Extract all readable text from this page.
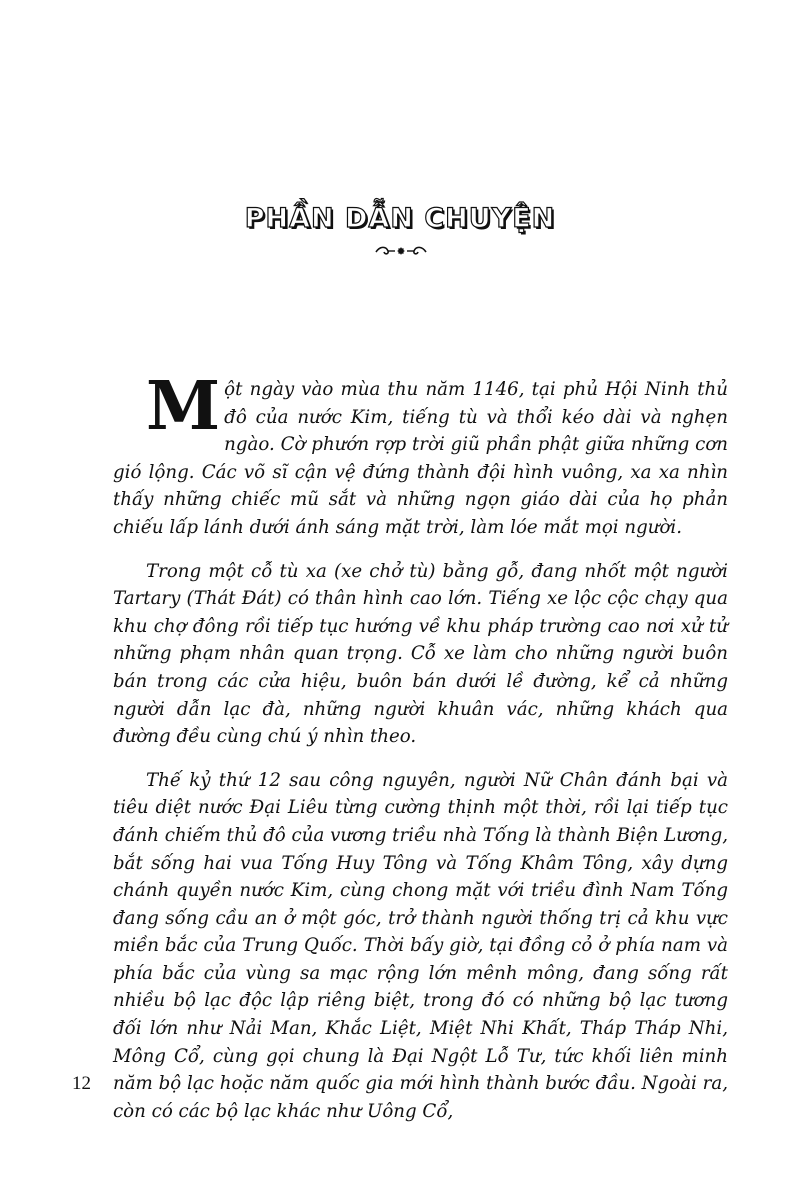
PHẦN DẪN CHUYỆN

Một ngày vào mùa thu năm 1146, tại phủ Hội Ninh thủ đô của nước Kim, tiếng tù và thổi kéo dài và nghẹn ngào. Cờ phướn rợp trời giũ phần phật giữa những cơn gió lộng. Các võ sĩ cận vệ đứng thành đội hình vuông, xa xa nhìn thấy những chiếc mũ sắt và những ngọn giáo dài của họ phản chiếu lấp lánh dưới ánh sáng mặt trời, làm lóe mắt mọi người.

Trong một cỗ tù xa (xe chở tù) bằng gỗ, đang nhốt một người Tartary (Thát Đát) có thân hình cao lớn. Tiếng xe lộc cộc chạy qua khu chợ đông rồi tiếp tục hướng về khu pháp trường cao nơi xử tử những phạm nhân quan trọng. Cỗ xe làm cho những người buôn bán trong các cửa hiệu, buôn bán dưới lề đường, kể cả những người dẫn lạc đà, những người khuân vác, những khách qua đường đều cùng chú ý nhìn theo.

Thế kỷ thứ 12 sau công nguyên, người Nữ Chân đánh bại và tiêu diệt nước Đại Liêu từng cường thịnh một thời, rồi lại tiếp tục đánh chiếm thủ đô của vương triều nhà Tống là thành Biện Lương, bắt sống hai vua Tống Huy Tông và Tống Khâm Tông, xây dựng chánh quyền nước Kim, cùng chong mặt với triều đình Nam Tống đang sống cầu an ở một góc, trở thành người thống trị cả khu vực miền bắc của Trung Quốc. Thời bấy giờ, tại đồng cỏ ở phía nam và phía bắc của vùng sa mạc rộng lớn mênh mông, đang sống rất nhiều bộ lạc độc lập riêng biệt, trong đó có những bộ lạc tương đối lớn như Nải Man, Khắc Liệt, Miệt Nhi Khất, Tháp Tháp Nhi, Mông Cổ, cùng gọi chung là Đại Ngột Lỗ Tư, tức khối liên minh năm bộ lạc hoặc năm quốc gia mới hình thành bước đầu. Ngoài ra, còn có các bộ lạc khác như Uông Cổ,

12
